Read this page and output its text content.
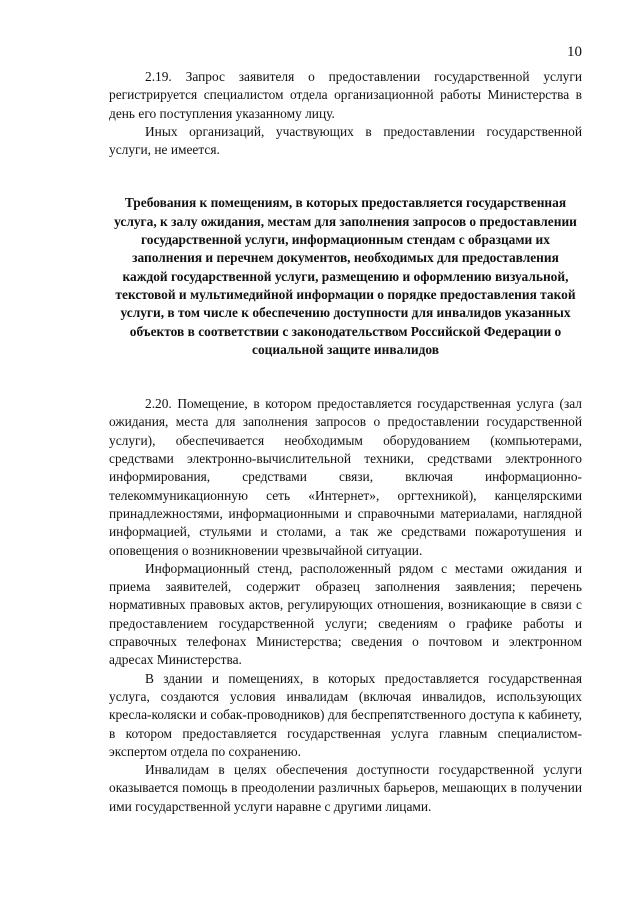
10

2.19. Запрос заявителя о предоставлении государственной услуги регистрируется специалистом отдела организационной работы Министерства в день его поступления указанному лицу.

Иных организаций, участвующих в предоставлении государственной услуги, не имеется.

Требования к помещениям, в которых предоставляется государственная услуга, к залу ожидания, местам для заполнения запросов о предоставлении государственной услуги, информационным стендам с образцами их заполнения и перечнем документов, необходимых для предоставления каждой государственной услуги, размещению и оформлению визуальной, текстовой и мультимедийной информации о порядке предоставления такой услуги, в том числе к обеспечению доступности для инвалидов указанных объектов в соответствии с законодательством Российской Федерации о социальной защите инвалидов

2.20. Помещение, в котором предоставляется государственная услуга (зал ожидания, места для заполнения запросов о предоставлении государственной услуги), обеспечивается необходимым оборудованием (компьютерами, средствами электронно-вычислительной техники, средствами электронного информирования, средствами связи, включая информационно-телекоммуникационную сеть «Интернет», оргтехникой), канцелярскими принадлежностями, информационными и справочными материалами, наглядной информацией, стульями и столами, а так же средствами пожаротушения и оповещения о возникновении чрезвычайной ситуации.

Информационный стенд, расположенный рядом с местами ожидания и приема заявителей, содержит образец заполнения заявления; перечень нормативных правовых актов, регулирующих отношения, возникающие в связи с предоставлением государственной услуги; сведениям о графике работы и справочных телефонах Министерства; сведения о почтовом и электронном адресах Министерства.

В здании и помещениях, в которых предоставляется государственная услуга, создаются условия инвалидам (включая инвалидов, использующих кресла-коляски и собак-проводников) для беспрепятственного доступа к кабинету, в котором предоставляется государственная услуга главным специалистом-экспертом отдела по сохранению.

Инвалидам в целях обеспечения доступности государственной услуги оказывается помощь в преодолении различных барьеров, мешающих в получении ими государственной услуги наравне с другими лицами.
